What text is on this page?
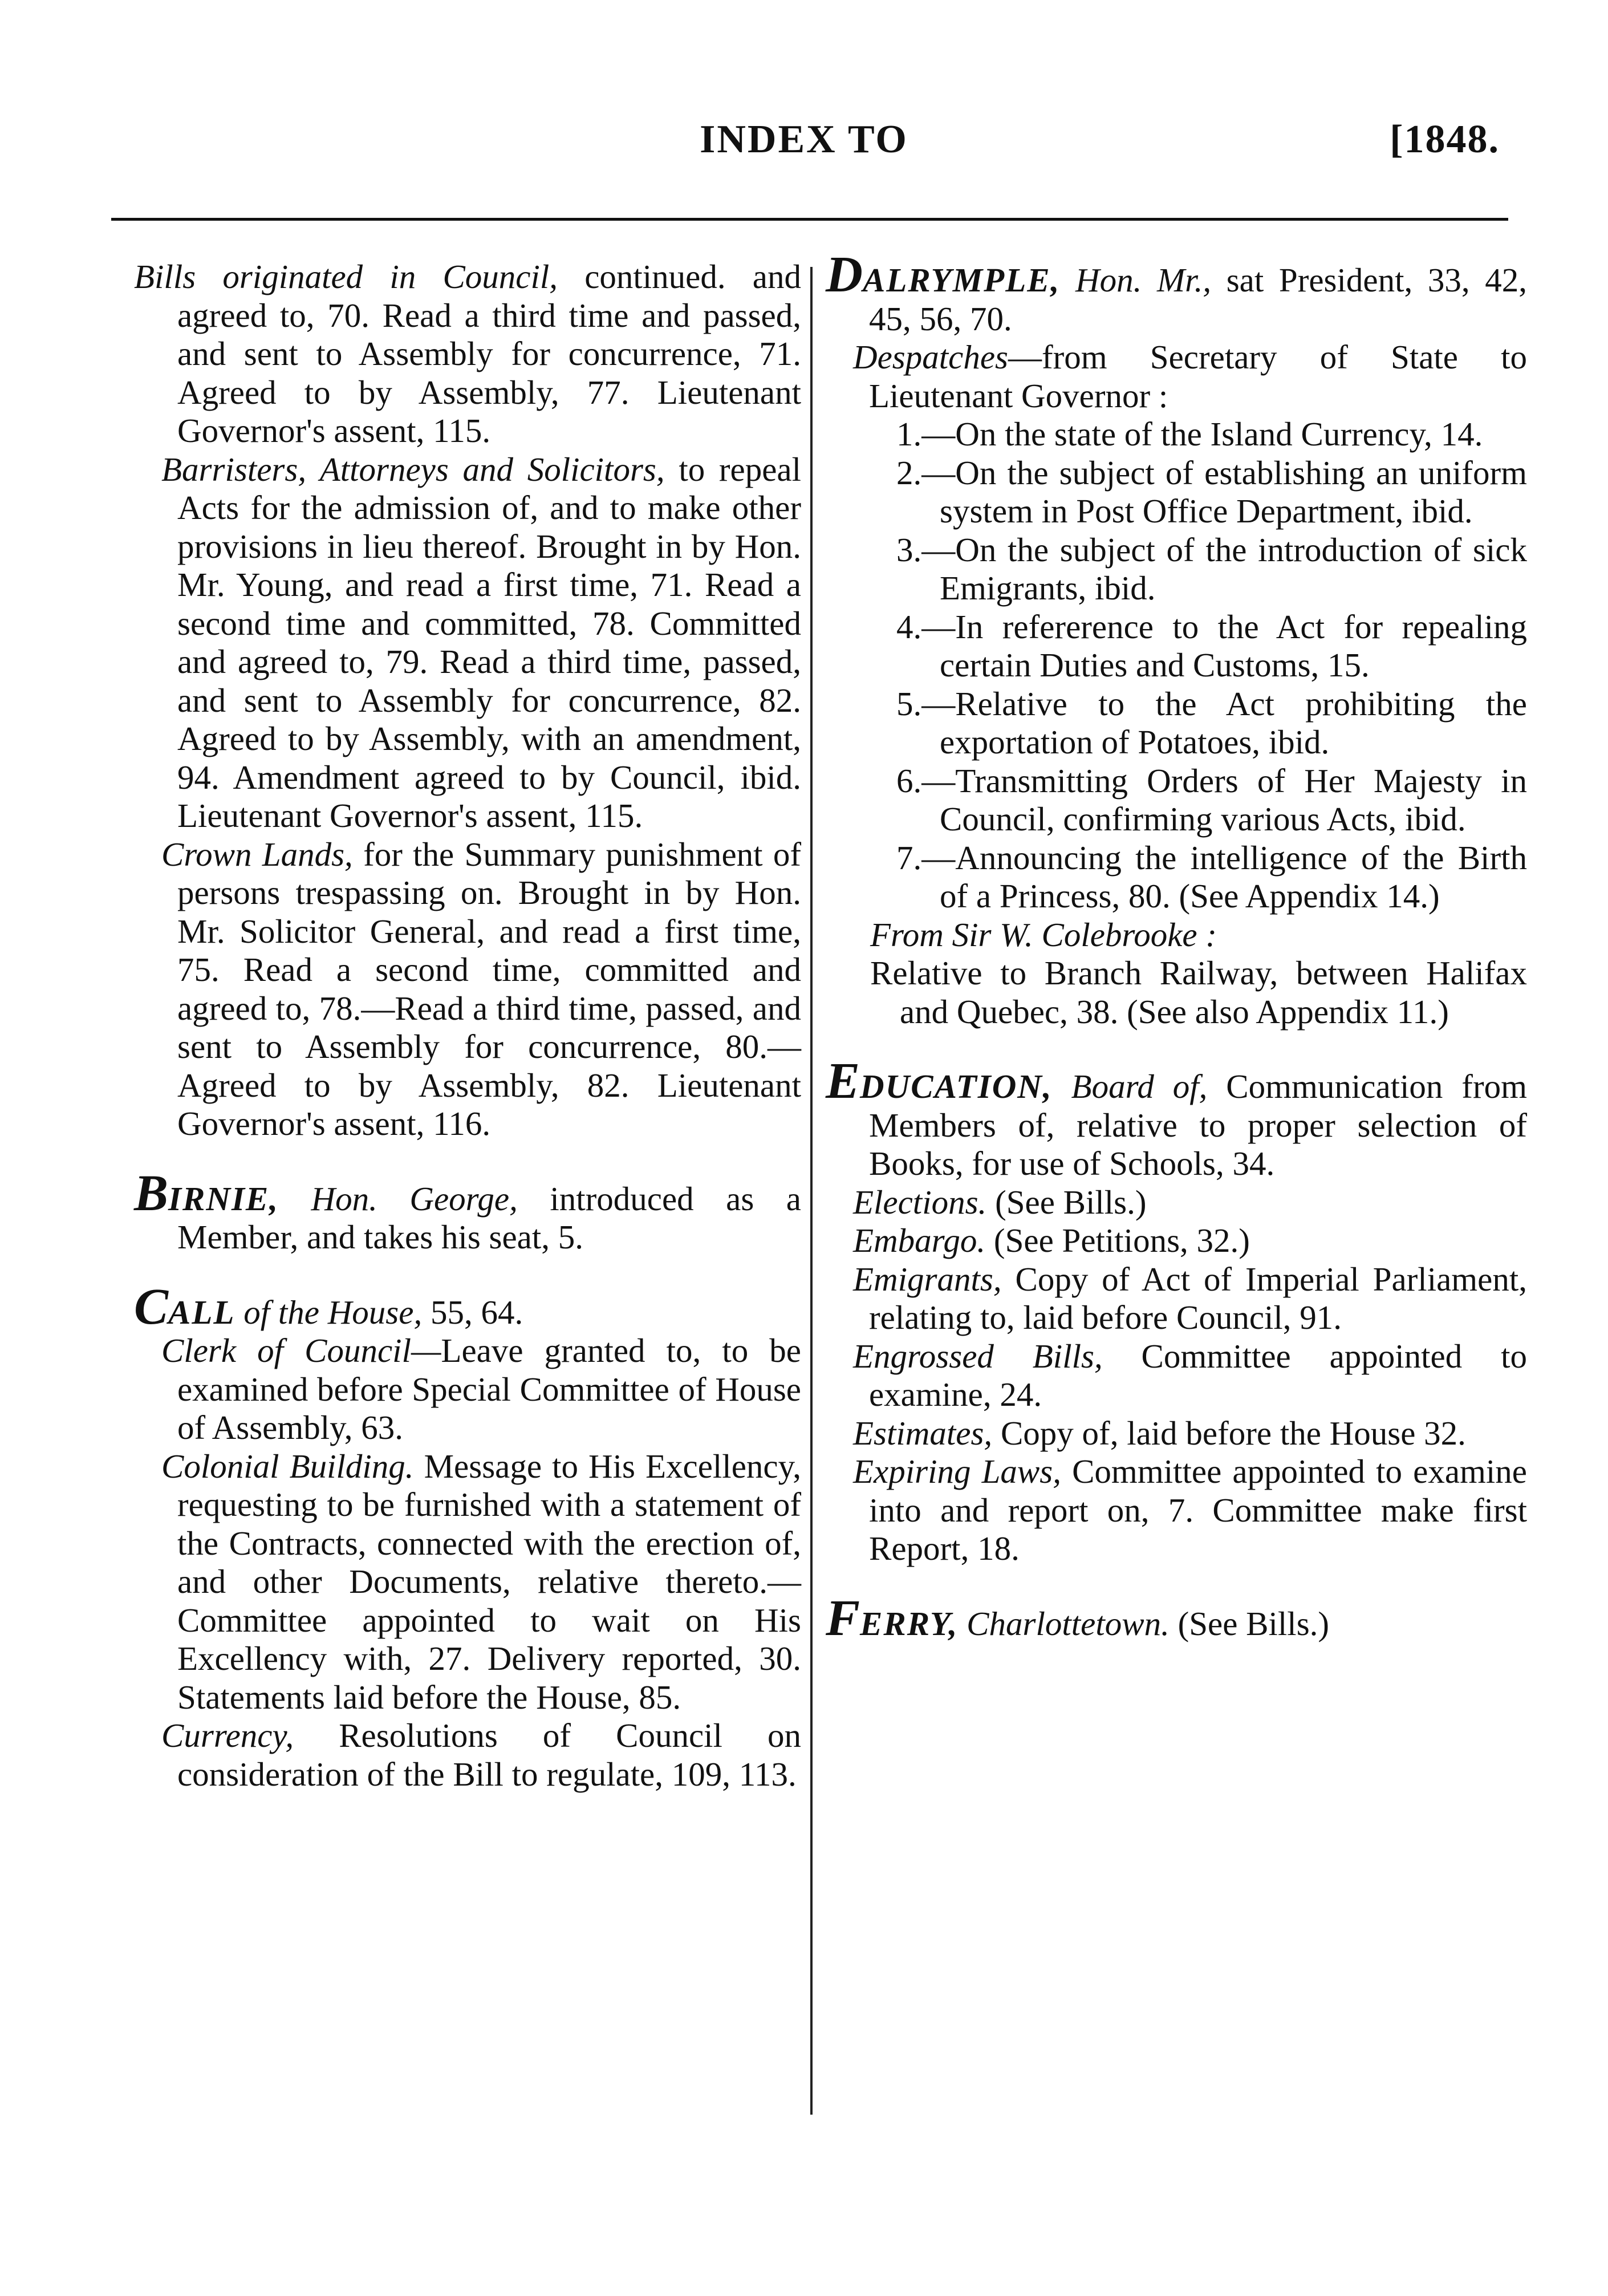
INDEX TO	[1848.

Bills originated in Council, continued. and agreed to, 70. Read a third time and passed, and sent to Assembly for concurrence, 71. Agreed to by Assembly, 77. Lieutenant Governor's assent, 115.

Barristers, Attorneys and Solicitors, to repeal Acts for the admission of, and to make other provisions in lieu thereof. Brought in by Hon. Mr. Young, and read a first time, 71. Read a second time and committed, 78. Committed and agreed to, 79. Read a third time, passed, and sent to Assembly for concurrence, 82. Agreed to by Assembly, with an amendment, 94. Amendment agreed to by Council, ibid. Lieutenant Governor's assent, 115.

Crown Lands, for the Summary punishment of persons trespassing on. Brought in by Hon. Mr. Solicitor General, and read a first time, 75. Read a second time, committed and agreed to, 78.—Read a third time, passed, and sent to Assembly for concurrence, 80.—Agreed to by Assembly, 82. Lieutenant Governor's assent, 116.

BIRNIE, Hon. George, introduced as a Member, and takes his seat, 5.

CALL of the House, 55, 64.

Clerk of Council—Leave granted to, to be examined before Special Committee of House of Assembly, 63.

Colonial Building. Message to His Excellency, requesting to be furnished with a statement of the Contracts, connected with the erection of, and other Documents, relative thereto.—Committee appointed to wait on His Excellency with, 27. Delivery reported, 30. Statements laid before the House, 85.

Currency, Resolutions of Council on consideration of the Bill to regulate, 109, 113.

DALRYMPLE, Hon. Mr., sat President, 33, 42, 45, 56, 70.

Despatches—from Secretary of State to Lieutenant Governor :

1.—On the state of the Island Currency, 14.

2.—On the subject of establishing an uniform system in Post Office Department, ibid.

3.—On the subject of the introduction of sick Emigrants, ibid.

4.—In refererence to the Act for repealing certain Duties and Customs, 15.

5.—Relative to the Act prohibiting the exportation of Potatoes, ibid.

6.—Transmitting Orders of Her Majesty in Council, confirming various Acts, ibid.

7.—Announcing the intelligence of the Birth of a Princess, 80. (See Appendix 14.)

From Sir W. Colebrooke :

Relative to Branch Railway, between Halifax and Quebec, 38. (See also Appendix 11.)

EDUCATION, Board of, Communication from Members of, relative to proper selection of Books, for use of Schools, 34.

Elections. (See Bills.)

Embargo. (See Petitions, 32.)

Emigrants, Copy of Act of Imperial Parliament, relating to, laid before Council, 91.

Engrossed Bills, Committee appointed to examine, 24.

Estimates, Copy of, laid before the House 32.

Expiring Laws, Committee appointed to examine into and report on, 7. Committee make first Report, 18.

FERRY, Charlottetown. (See Bills.)
